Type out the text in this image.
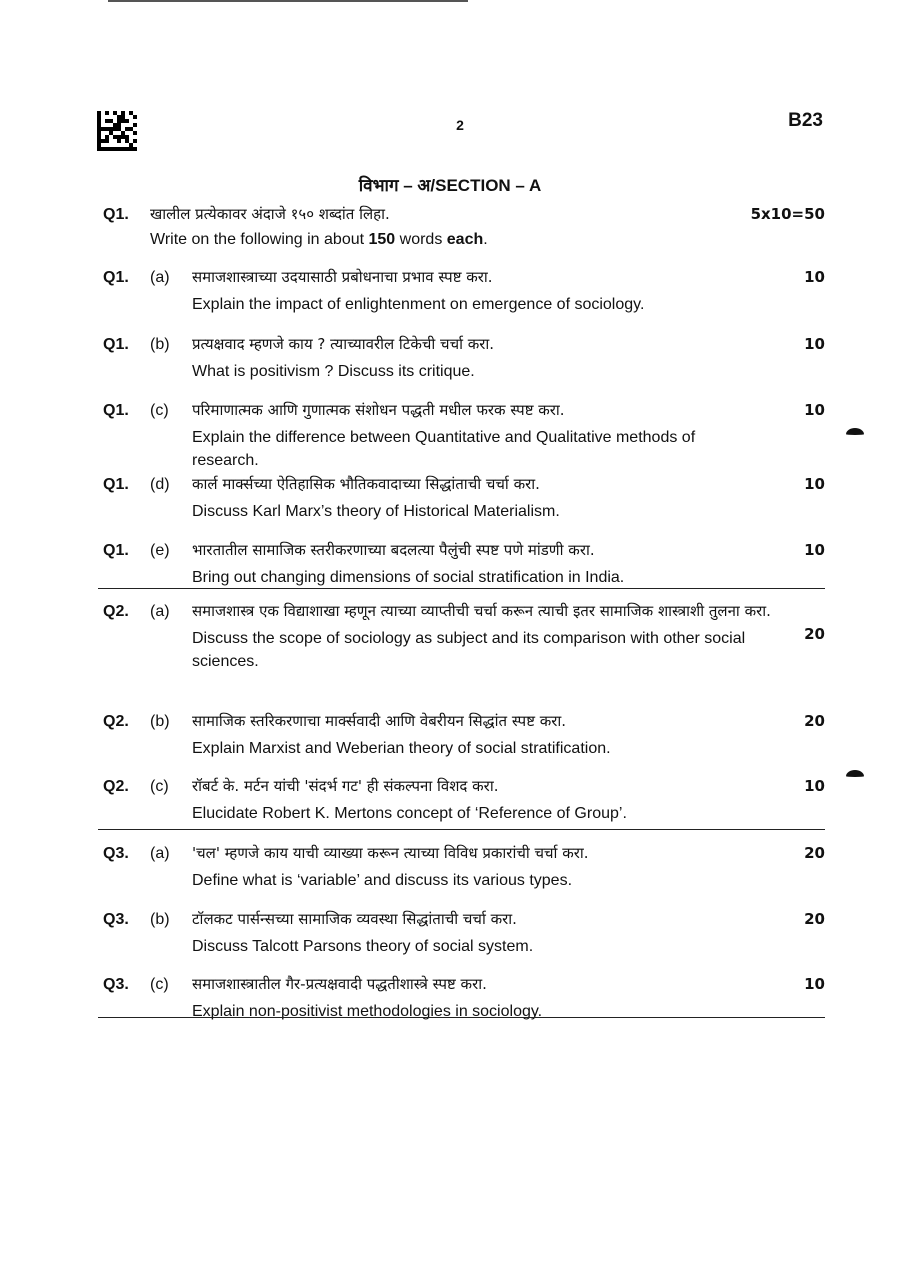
2	B23
विभाग – अ/SECTION – A
Q1. खालील प्रत्येकावर अंदाजे १५० शब्दांत लिहा.	5x10=50
Write on the following in about 150 words each.
Q1. (a) समाजशास्त्राच्या उदयासाठी प्रबोधनाचा प्रभाव स्पष्ट करा.	10
Explain the impact of enlightenment on emergence of sociology.
Q1. (b) प्रत्यक्षवाद म्हणजे काय ? त्याच्यावरील टिकेची चर्चा करा.	10
What is positivism ? Discuss its critique.
Q1. (c) परिमाणात्मक आणि गुणात्मक संशोधन पद्धती मधील फरक स्पष्ट करा.	10
Explain the difference between Quantitative and Qualitative methods of research.
Q1. (d) कार्ल मार्क्सच्या ऐतिहासिक भौतिकवादाच्या सिद्धांताची चर्चा करा.	10
Discuss Karl Marx’s theory of Historical Materialism.
Q1. (e) भारतातील सामाजिक स्तरीकरणाच्या बदलत्या पैलुंची स्पष्ट पणे मांडणी करा.	10
Bring out changing dimensions of social stratification in India.
Q2. (a) समाजशास्त्र एक विद्याशाखा म्हणून त्याच्या व्याप्तीची चर्चा करून त्याची इतर सामाजिक शास्त्राशी तुलना करा.
20
Discuss the scope of sociology as subject and its comparison with other social sciences.
Q2. (b) सामाजिक स्तरिकरणाचा मार्क्सवादी आणि वेबरीयन सिद्धांत स्पष्ट करा.	20
Explain Marxist and Weberian theory of social stratification.
Q2. (c) रॉबर्ट के. मर्टन यांची 'संदर्भ गट' ही संकल्पना विशद करा.	10
Elucidate Robert K. Mertons concept of ‘Reference of Group’.
Q3. (a) 'चल' म्हणजे काय याची व्याख्या करून त्याच्या विविध प्रकारांची चर्चा करा.	20
Define what is ‘variable’ and discuss its various types.
Q3. (b) टॉलकट पार्सन्सच्या सामाजिक व्यवस्था सिद्धांताची चर्चा करा.	20
Discuss Talcott Parsons theory of social system.
Q3. (c) समाजशास्त्रातील गैर-प्रत्यक्षवादी पद्धतीशास्त्रे स्पष्ट करा.	10
Explain non-positivist methodologies in sociology.
